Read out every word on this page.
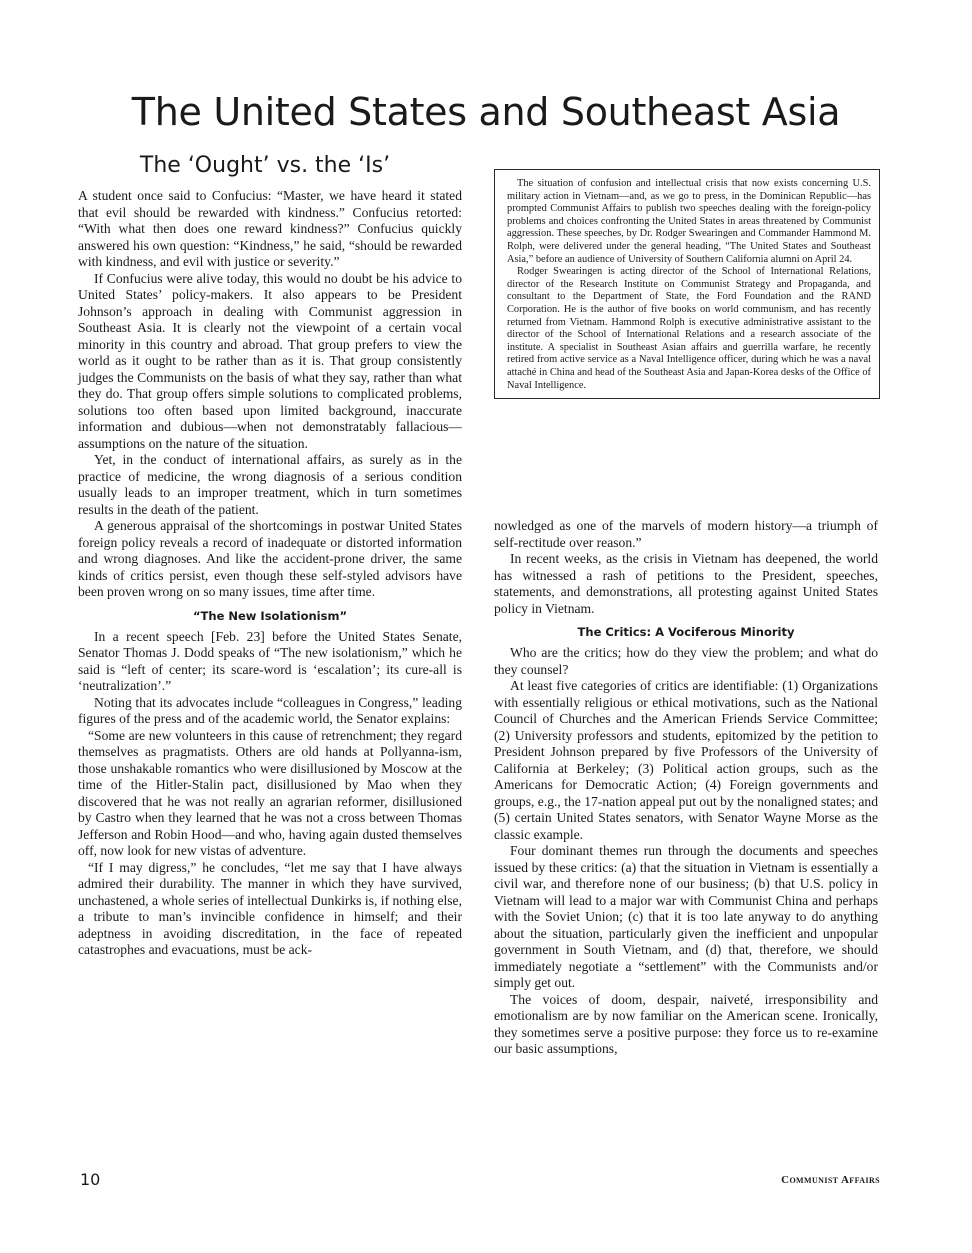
The United States and Southeast Asia
The ‘Ought’ vs. the ‘Is’

A student once said to Confucius: “Master, we have heard it stated that evil should be rewarded with kindness.” Confucius retorted: “With what then does one reward kindness?” Confucius quickly answered his own question: “Kindness,” he said, “should be rewarded with kindness, and evil with justice or severity.”

If Confucius were alive today, this would no doubt be his advice to United States’ policy-makers. It also appears to be President Johnson’s approach in dealing with Communist aggression in Southeast Asia. It is clearly not the viewpoint of a certain vocal minority in this country and abroad. That group prefers to view the world as it ought to be rather than as it is. That group consistently judges the Communists on the basis of what they say, rather than what they do. That group offers simple solutions to complicated problems, solutions too often based upon limited background, inaccurate information and dubious—when not demonstratably fallacious—assumptions on the nature of the situation.

Yet, in the conduct of international affairs, as surely as in the practice of medicine, the wrong diagnosis of a serious condition usually leads to an improper treatment, which in turn sometimes results in the death of the patient.

A generous appraisal of the shortcomings in postwar United States foreign policy reveals a record of inadequate or distorted information and wrong diagnoses. And like the accident-prone driver, the same kinds of critics persist, even though these self-styled advisors have been proven wrong on so many issues, time after time.

“The New Isolationism”

In a recent speech [Feb. 23] before the United States Senate, Senator Thomas J. Dodd speaks of “The new isolationism,” which he said is “left of center; its scare-word is ‘escalation’; its cure-all is ‘neutralization’.”

Noting that its advocates include “colleagues in Congress,” leading figures of the press and of the academic world, the Senator explains:

“Some are new volunteers in this cause of retrenchment; they regard themselves as pragmatists. Others are old hands at Pollyanna-ism, those unshakable romantics who were disillusioned by Moscow at the time of the Hitler-Stalin pact, disillusioned by Mao when they discovered that he was not really an agrarian reformer, disillusioned by Castro when they learned that he was not a cross between Thomas Jefferson and Robin Hood—and who, having again dusted themselves off, now look for new vistas of adventure.

“If I may digress,” he concludes, “let me say that I have always admired their durability. The manner in which they have survived, unchastened, a whole series of intellectual Dunkirks is, if nothing else, a tribute to man’s invincible confidence in himself; and their adeptness in avoiding discreditation, in the face of repeated catastrophes and evacuations, must be ack-

The situation of confusion and intellectual crisis that now exists concerning U.S. military action in Vietnam—and, as we go to press, in the Dominican Republic—has prompted Communist Affairs to publish two speeches dealing with the foreign-policy problems and choices confronting the United States in areas threatened by Communist aggression. These speeches, by Dr. Rodger Swearingen and Commander Hammond M. Rolph, were delivered under the general heading, “The United States and Southeast Asia,” before an audience of University of Southern California alumni on April 24.

Rodger Swearingen is acting director of the School of International Relations, director of the Research Institute on Communist Strategy and Propaganda, and consultant to the Department of State, the Ford Foundation and the RAND Corporation. He is the author of five books on world communism, and has recently returned from Vietnam. Hammond Rolph is executive administrative assistant to the director of the School of International Relations and a research associate of the institute. A specialist in Southeast Asian affairs and guerrilla warfare, he recently retired from active service as a Naval Intelligence officer, during which he was a naval attaché in China and head of the Southeast Asia and Japan-Korea desks of the Office of Naval Intelligence.

nowledged as one of the marvels of modern history—a triumph of self-rectitude over reason.”

In recent weeks, as the crisis in Vietnam has deepened, the world has witnessed a rash of petitions to the President, speeches, statements, and demonstrations, all protesting against United States policy in Vietnam.

The Critics: A Vociferous Minority

Who are the critics; how do they view the problem; and what do they counsel?

At least five categories of critics are identifiable: (1) Organizations with essentially religious or ethical motivations, such as the National Council of Churches and the American Friends Service Committee; (2) University professors and students, epitomized by the petition to President Johnson prepared by five Professors of the University of California at Berkeley; (3) Political action groups, such as the Americans for Democratic Action; (4) Foreign governments and groups, e.g., the 17-nation appeal put out by the nonaligned states; and (5) certain United States senators, with Senator Wayne Morse as the classic example.

Four dominant themes run through the documents and speeches issued by these critics: (a) that the situation in Vietnam is essentially a civil war, and therefore none of our business; (b) that U.S. policy in Vietnam will lead to a major war with Communist China and perhaps with the Soviet Union; (c) that it is too late anyway to do anything about the situation, particularly given the inefficient and unpopular government in South Vietnam, and (d) that, therefore, we should immediately negotiate a “settlement” with the Communists and/or simply get out.

The voices of doom, despair, naiveté, irresponsibility and emotionalism are by now familiar on the American scene. Ironically, they sometimes serve a positive purpose: they force us to re-examine our basic assumptions,

10	Communist Affairs
